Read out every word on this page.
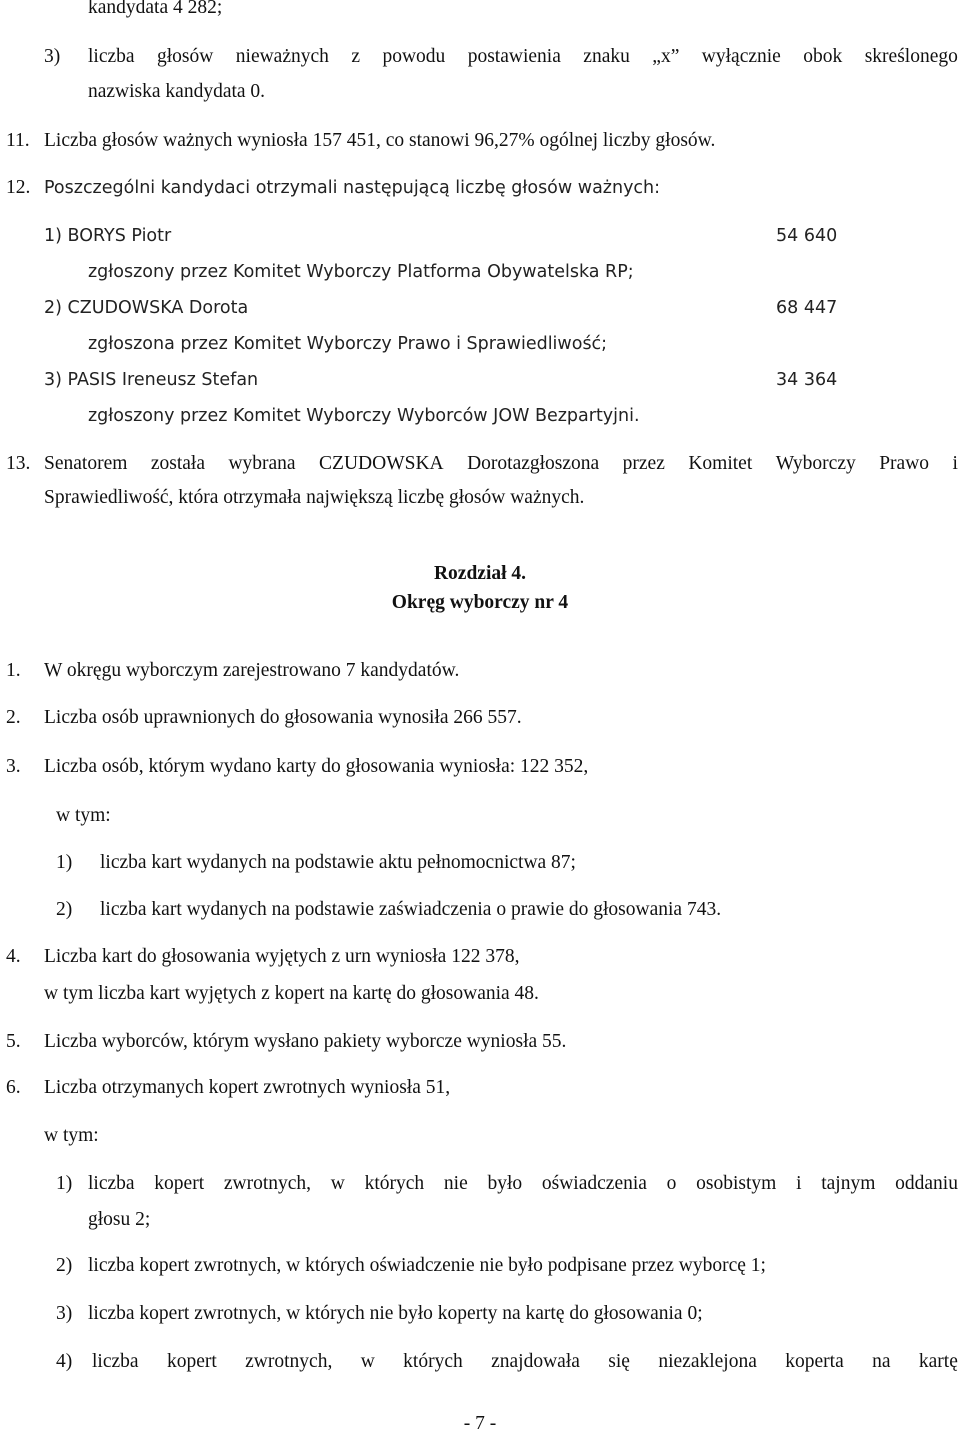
kandydata 4 282;
3) liczba głosów nieważnych z powodu postawienia znaku „x” wyłącznie obok skreślonego
nazwiska kandydata 0.
11. Liczba głosów ważnych wyniosła 157 451, co stanowi 96,27% ogólnej liczby głosów.
12. Poszczególni kandydaci otrzymali następującą liczbę głosów ważnych:
1) BORYS Piotr	54 640
zgłoszony przez Komitet Wyborczy Platforma Obywatelska RP;
2) CZUDOWSKA Dorota	68 447
zgłoszona przez Komitet Wyborczy Prawo i Sprawiedliwość;
3) PASIS Ireneusz Stefan	34 364
zgłoszony przez Komitet Wyborczy Wyborców JOW Bezpartyjni.
13. Senatorem została wybrana CZUDOWSKA Dorotazgłoszona przez Komitet Wyborczy Prawo i
Sprawiedliwość, która otrzymała największą liczbę głosów ważnych.
Rozdział 4.
Okręg wyborczy nr 4
1. W okręgu wyborczym zarejestrowano 7 kandydatów.
2. Liczba osób uprawnionych do głosowania wynosiła 266 557.
3. Liczba osób, którym wydano karty do głosowania wyniosła: 122 352,
w tym:
1) liczba kart wydanych na podstawie aktu pełnomocnictwa 87;
2) liczba kart wydanych na podstawie zaświadczenia o prawie do głosowania 743.
4. Liczba kart do głosowania wyjętych z urn wyniosła 122 378,
w tym liczba kart wyjętych z kopert na kartę do głosowania 48.
5. Liczba wyborców, którym wysłano pakiety wyborcze wyniosła 55.
6. Liczba otrzymanych kopert zwrotnych wyniosła 51,
w tym:
1) liczba kopert zwrotnych, w których nie było oświadczenia o osobistym i tajnym oddaniu
głosu 2;
2) liczba kopert zwrotnych, w których oświadczenie nie było podpisane przez wyborcę 1;
3) liczba kopert zwrotnych, w których nie było koperty na kartę do głosowania 0;
4) liczba kopert zwrotnych, w których znajdowała się niezaklejona koperta na kartę
- 7 -
